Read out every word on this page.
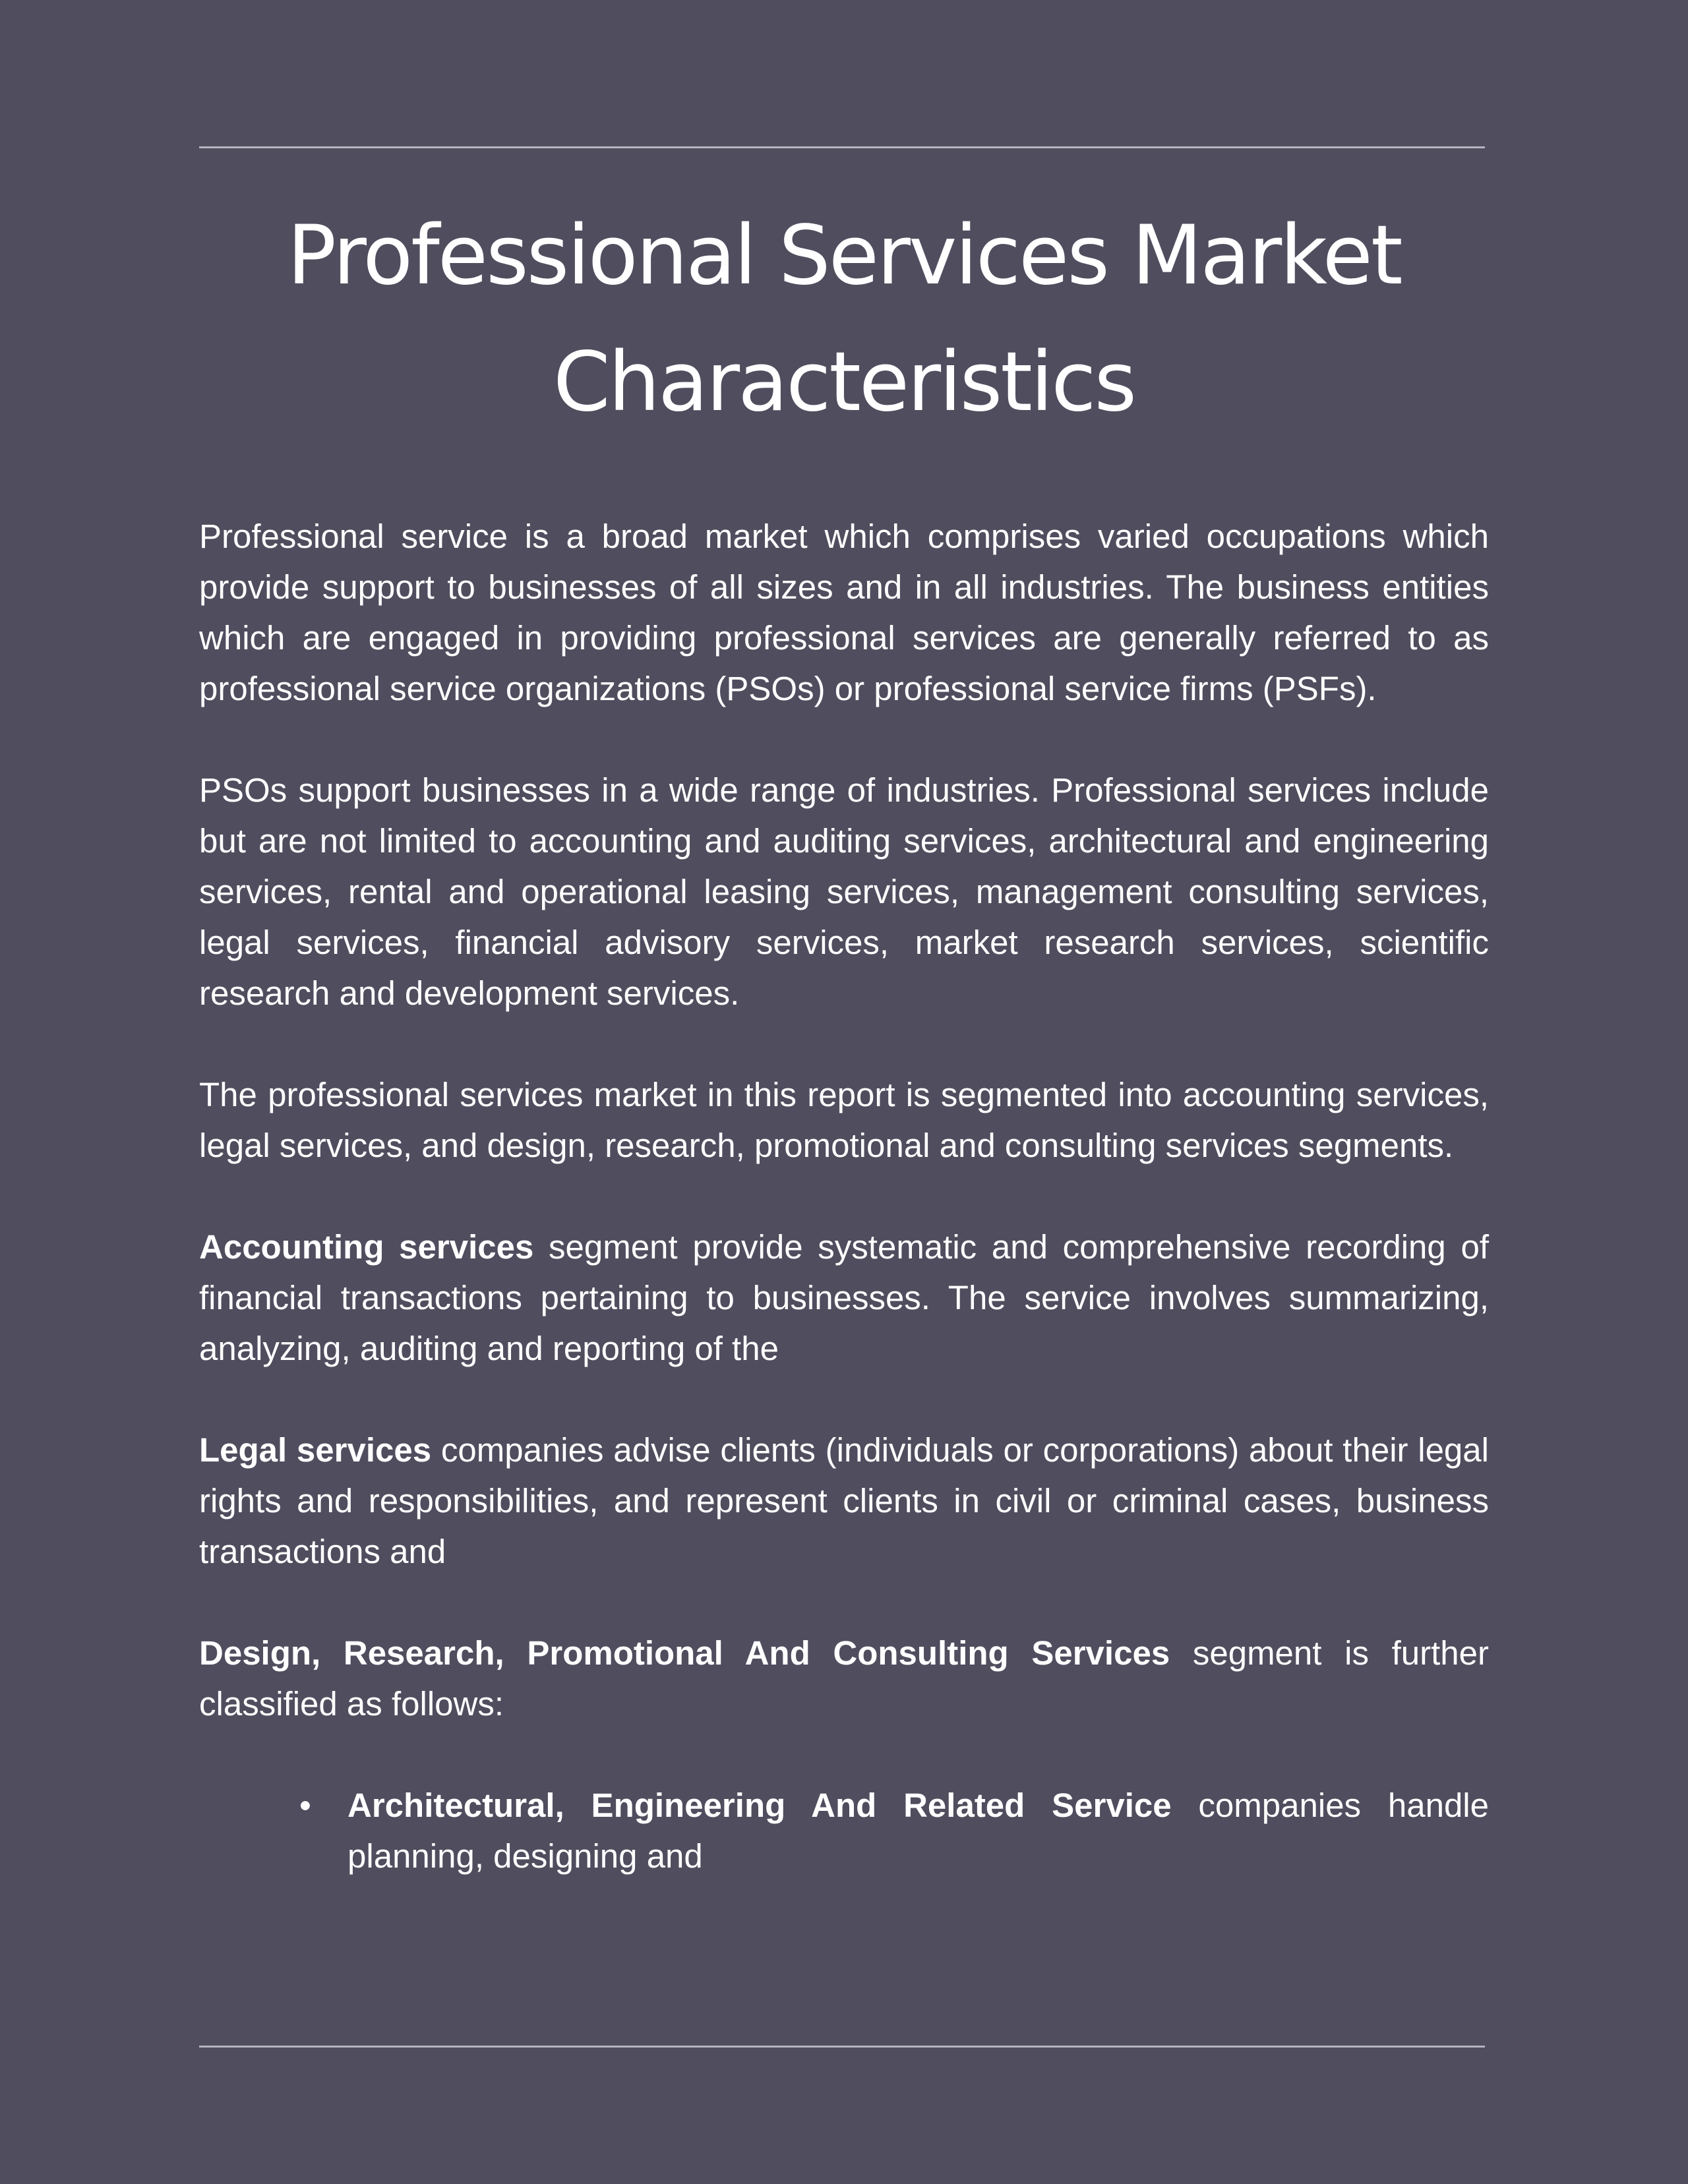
Professional Services Market Characteristics

Professional service is a broad market which comprises varied occupations which provide support to businesses of all sizes and in all industries. The business entities which are engaged in providing professional services are generally referred to as professional service organizations (PSOs) or professional service firms (PSFs).

PSOs support businesses in a wide range of industries. Professional services include but are not limited to accounting and auditing services, architectural and engineering services, rental and operational leasing services, management consulting services, legal services, financial advisory services, market research services, scientific research and development services.

The professional services market in this report is segmented into accounting services, legal services, and design, research, promotional and consulting services segments.

Accounting services segment provide systematic and comprehensive recording of financial transactions pertaining to businesses. The service involves summarizing, analyzing, auditing and reporting of the

Legal services companies advise clients (individuals or corporations) about their legal rights and responsibilities, and represent clients in civil or criminal cases, business transactions and

Design, Research, Promotional And Consulting Services segment is further classified as follows:

• Architectural, Engineering And Related Service companies handle planning, designing and
